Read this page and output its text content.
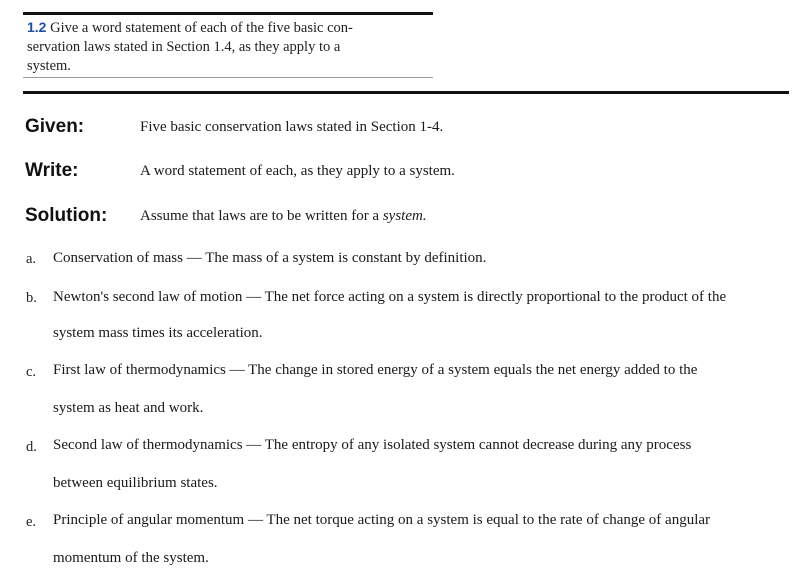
1.2 Give a word statement of each of the five basic con-
servation laws stated in Section 1.4, as they apply to a
system.
Given:	Five basic conservation laws stated in Section 1-4.
Write:	A word statement of each, as they apply to a system.
Solution: Assume that laws are to be written for a system.
a. Conservation of mass — The mass of a system is constant by definition.
b. Newton's second law of motion — The net force acting on a system is directly proportional to the product of the
system mass times its acceleration.
c. First law of thermodynamics — The change in stored energy of a system equals the net energy added to the
system as heat and work.
d. Second law of thermodynamics — The entropy of any isolated system cannot decrease during any process
between equilibrium states.
e. Principle of angular momentum — The net torque acting on a system is equal to the rate of change of angular
momentum of the system.
